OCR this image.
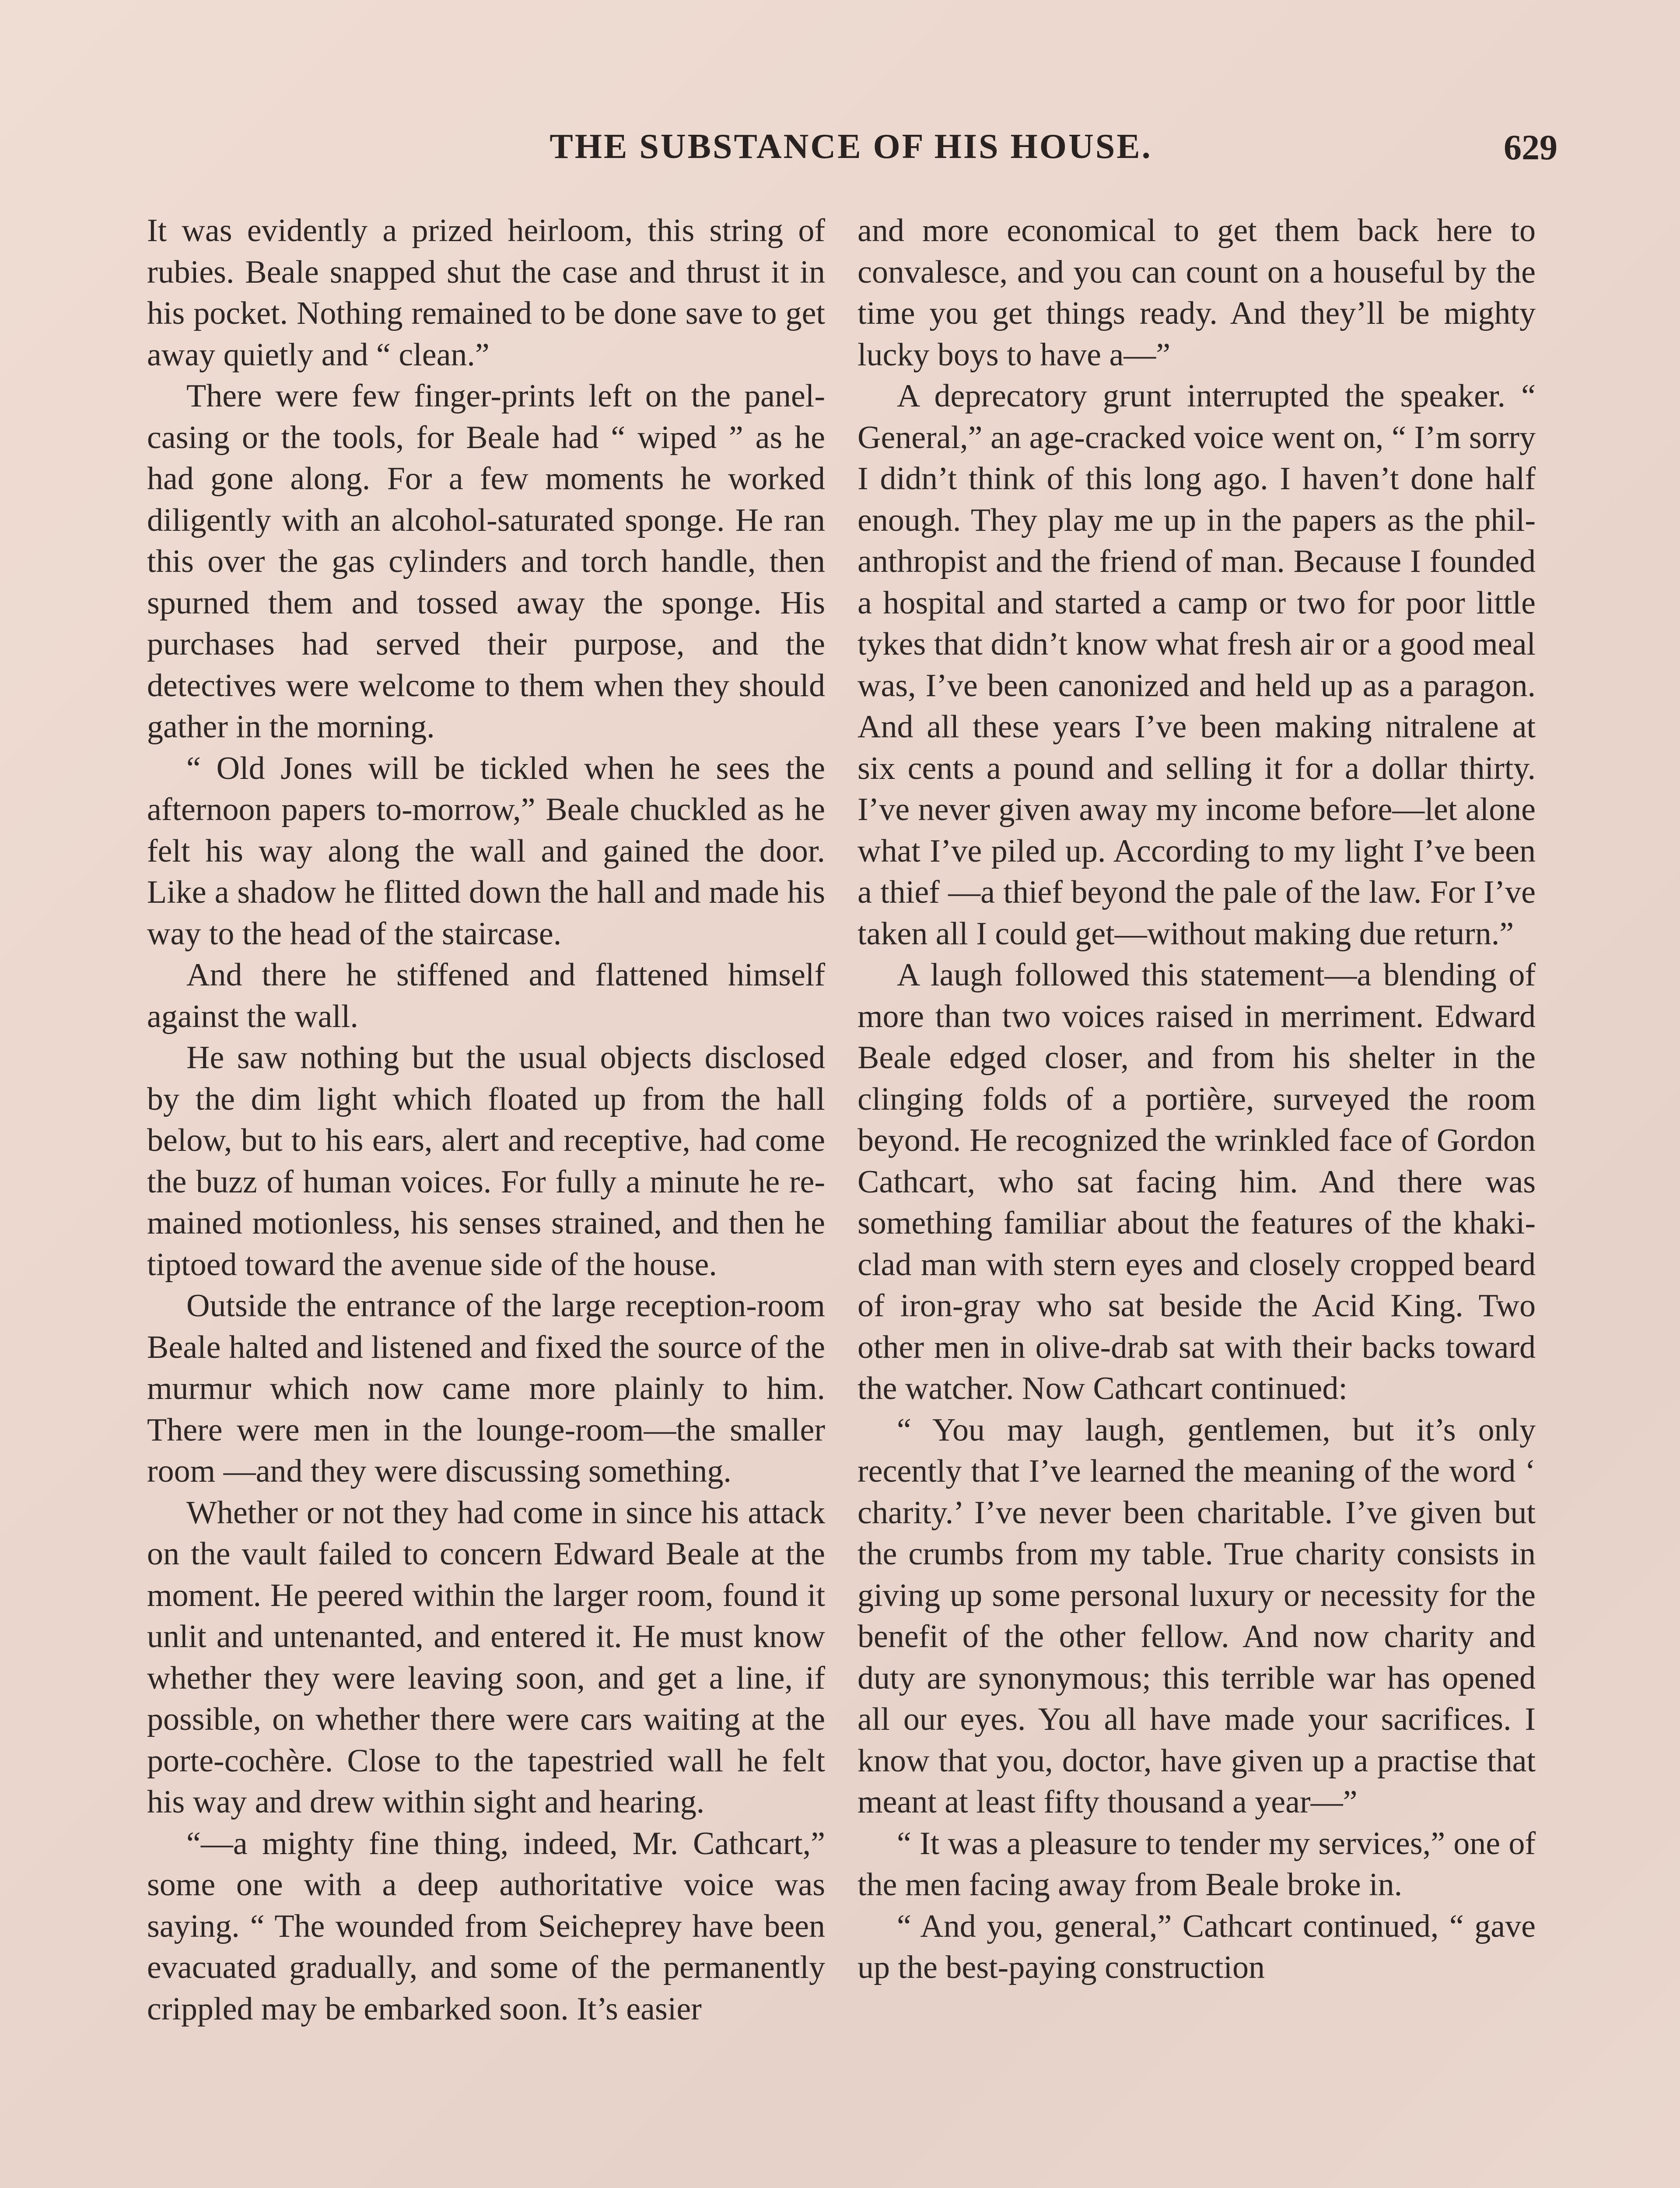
THE SUBSTANCE OF HIS HOUSE.	629

It was evidently a prized heirloom, this string of rubies. Beale snapped shut the case and thrust it in his pocket. Nothing remained to be done save to get away quietly and “ clean.”

There were few finger-prints left on the panel-casing or the tools, for Beale had “ wiped ” as he had gone along. For a few moments he worked diligently with an alcohol-saturated sponge. He ran this over the gas cylinders and torch handle, then spurned them and tossed away the sponge. His purchases had served their purpose, and the detectives were welcome to them when they should gather in the morning.

“ Old Jones will be tickled when he sees the afternoon papers to-morrow,” Beale chuckled as he felt his way along the wall and gained the door. Like a shadow he flitted down the hall and made his way to the head of the staircase.

And there he stiffened and flattened himself against the wall.

He saw nothing but the usual objects disclosed by the dim light which floated up from the hall below, but to his ears, alert and receptive, had come the buzz of human voices. For fully a minute he remained motionless, his senses strained, and then he tiptoed toward the avenue side of the house.

Outside the entrance of the large reception-room Beale halted and listened and fixed the source of the murmur which now came more plainly to him. There were men in the lounge-room—the smaller room —and they were discussing something.

Whether or not they had come in since his attack on the vault failed to concern Edward Beale at the moment. He peered within the larger room, found it unlit and untenanted, and entered it. He must know whether they were leaving soon, and get a line, if possible, on whether there were cars waiting at the porte-cochère. Close to the tapestried wall he felt his way and drew within sight and hearing.

“—a mighty fine thing, indeed, Mr. Cathcart,” some one with a deep authoritative voice was saying. “ The wounded from Seicheprey have been evacuated gradually, and some of the permanently crippled may be embarked soon. It’s easier

and more economical to get them back here to convalesce, and you can count on a houseful by the time you get things ready. And they’ll be mighty lucky boys to have a—”

A deprecatory grunt interrupted the speaker. “ General,” an age-cracked voice went on, “ I’m sorry I didn’t think of this long ago. I haven’t done half enough. They play me up in the papers as the philanthropist and the friend of man. Because I founded a hospital and started a camp or two for poor little tykes that didn’t know what fresh air or a good meal was, I’ve been canonized and held up as a paragon. And all these years I’ve been making nitralene at six cents a pound and selling it for a dollar thirty. I’ve never given away my income before—let alone what I’ve piled up. According to my light I’ve been a thief —a thief beyond the pale of the law. For I’ve taken all I could get—without making due return.”

A laugh followed this statement—a blending of more than two voices raised in merriment. Edward Beale edged closer, and from his shelter in the clinging folds of a portière, surveyed the room beyond. He recognized the wrinkled face of Gordon Cathcart, who sat facing him. And there was something familiar about the features of the khaki-clad man with stern eyes and closely cropped beard of iron-gray who sat beside the Acid King. Two other men in olive-drab sat with their backs toward the watcher. Now Cathcart continued:

“ You may laugh, gentlemen, but it’s only recently that I’ve learned the meaning of the word ‘ charity.’ I’ve never been charitable. I’ve given but the crumbs from my table. True charity consists in giving up some personal luxury or necessity for the benefit of the other fellow. And now charity and duty are synonymous; this terrible war has opened all our eyes. You all have made your sacrifices. I know that you, doctor, have given up a practise that meant at least fifty thousand a year—”

“ It was a pleasure to tender my services,” one of the men facing away from Beale broke in.

“ And you, general,” Cathcart continued, “ gave up the best-paying construction
